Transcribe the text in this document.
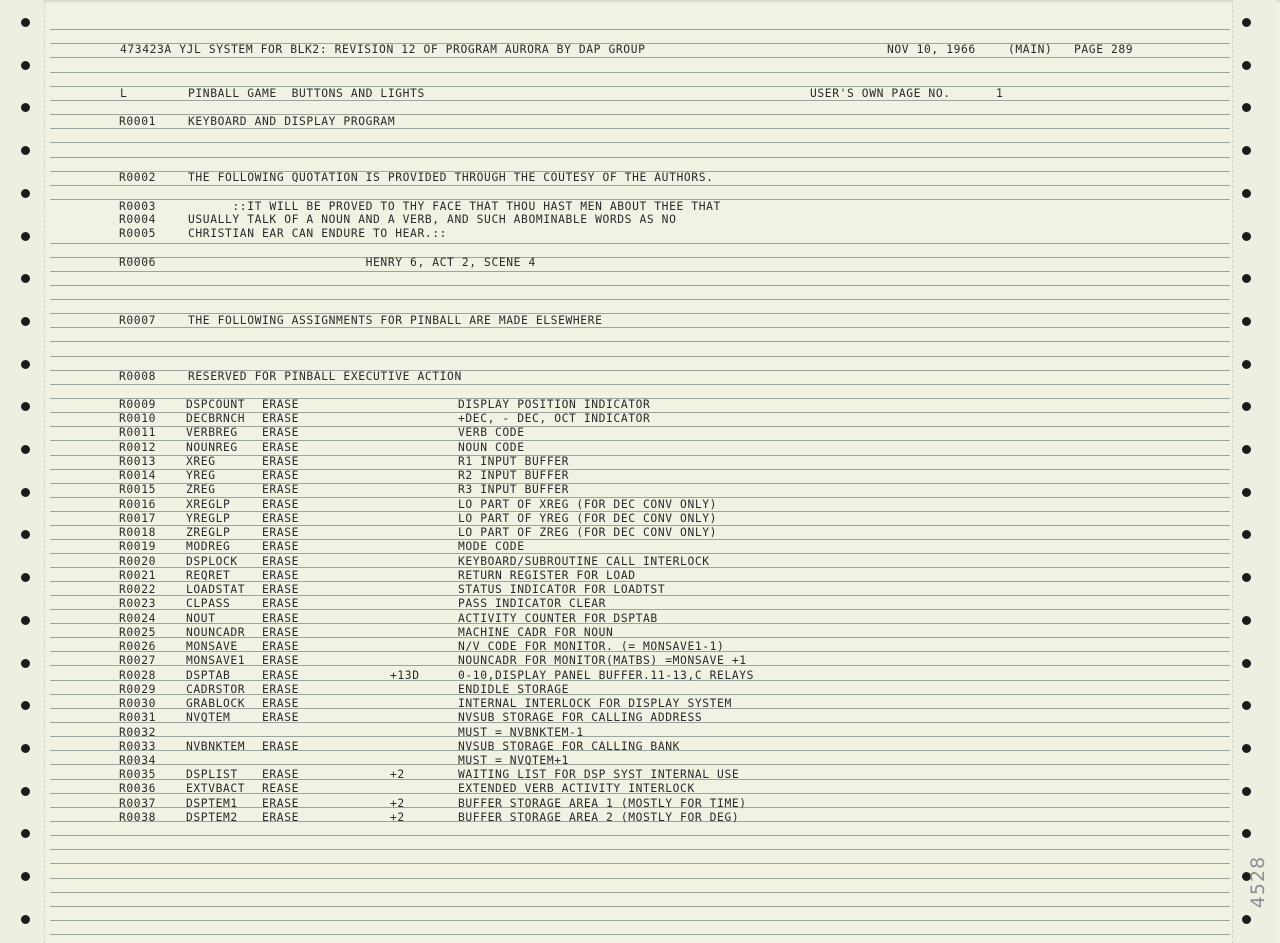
473423A YJL SYSTEM FOR BLK2: REVISION 12 OF PROGRAM AURORA BY DAP GROUP	NOV 10, 1966	(MAIN) PAGE 289
L	PINBALL GAME  BUTTONS AND LIGHTS	USER'S OWN PAGE NO.	1
R0001	KEYBOARD AND DISPLAY PROGRAM
R0002	THE FOLLOWING QUOTATION IS PROVIDED THROUGH THE COUTESY OF THE AUTHORS.
R0003	::IT WILL BE PROVED TO THY FACE THAT THOU HAST MEN ABOUT THEE THAT
R0004	USUALLY TALK OF A NOUN AND A VERB, AND SUCH ABOMINABLE WORDS AS NO
R0005	CHRISTIAN EAR CAN ENDURE TO HEAR.::
R0006	HENRY 6, ACT 2, SCENE 4
R0007	THE FOLLOWING ASSIGNMENTS FOR PINBALL ARE MADE ELSEWHERE
R0008	RESERVED FOR PINBALL EXECUTIVE ACTION
R0009	DSPCOUNT ERASE	DISPLAY POSITION INDICATOR
R0010	DECBRNCH ERASE	+DEC, - DEC, OCT INDICATOR
R0011	VERBREG ERASE	VERB CODE
R0012	NOUNREG ERASE	NOUN CODE
R0013	XREG	ERASE	R1 INPUT BUFFER
R0014	YREG	ERASE	R2 INPUT BUFFER
R0015	ZREG	ERASE	R3 INPUT BUFFER
R0016	XREGLP	ERASE	LO PART OF XREG (FOR DEC CONV ONLY)
R0017	YREGLP	ERASE	LO PART OF YREG (FOR DEC CONV ONLY)
R0018	ZREGLP	ERASE	LO PART OF ZREG (FOR DEC CONV ONLY)
R0019	MODREG	ERASE	MODE CODE
R0020	DSPLOCK ERASE	KEYBOARD/SUBROUTINE CALL INTERLOCK
R0021	REQRET	ERASE	RETURN REGISTER FOR LOAD
R0022	LOADSTAT ERASE	STATUS INDICATOR FOR LOADTST
R0023	CLPASS	ERASE	PASS INDICATOR CLEAR
R0024	NOUT	ERASE	ACTIVITY COUNTER FOR DSPTAB
R0025	NOUNCADR ERASE	MACHINE CADR FOR NOUN
R0026	MONSAVE ERASE	N/V CODE FOR MONITOR. (= MONSAVE1-1)
R0027	MONSAVE1 ERASE	NOUNCADR FOR MONITOR(MATBS) =MONSAVE +1
R0028	DSPTAB	ERASE	+13D	0-10,DISPLAY PANEL BUFFER.11-13,C RELAYS
R0029	CADRSTOR ERASE	ENDIDLE STORAGE
R0030	GRABLOCK ERASE	INTERNAL INTERLOCK FOR DISPLAY SYSTEM
R0031	NVQTEM	ERASE	NVSUB STORAGE FOR CALLING ADDRESS
R0032	MUST = NVBNKTEM-1
R0033	NVBNKTEM ERASE	NVSUB STORAGE FOR CALLING BANK
R0034	MUST = NVQTEM+1
R0035	DSPLIST ERASE	+2	WAITING LIST FOR DSP SYST INTERNAL USE
R0036	EXTVBACT REASE	EXTENDED VERB ACTIVITY INTERLOCK
R0037	DSPTEM1 ERASE	+2	BUFFER STORAGE AREA 1 (MOSTLY FOR TIME)
R0038	DSPTEM2 ERASE	+2	BUFFER STORAGE AREA 2 (MOSTLY FOR DEG)
4528
